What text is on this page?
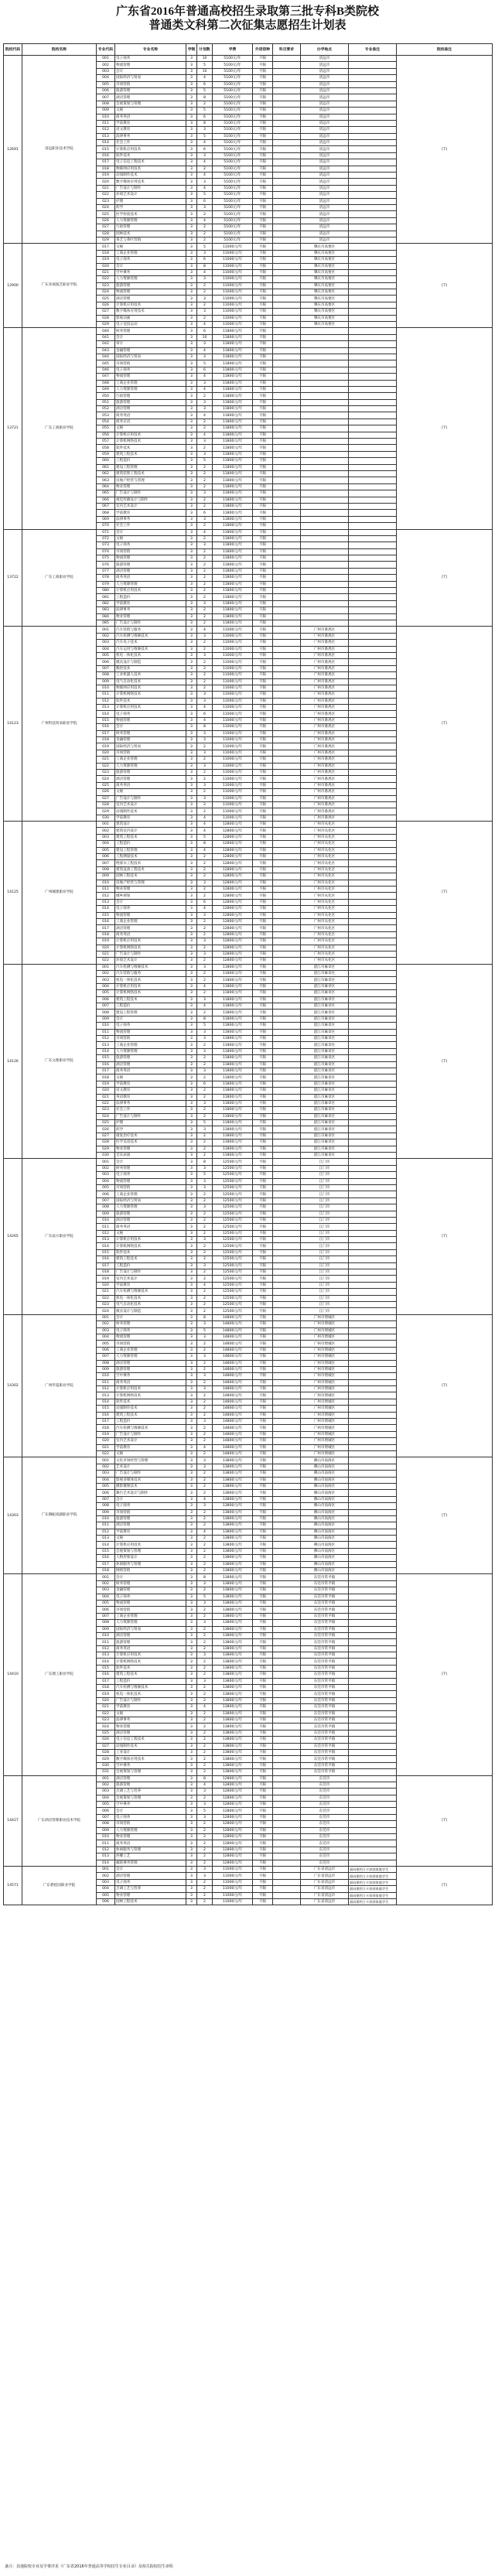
广东省2016年普通高校招生录取第三批专科B类院校
普通类文科第二次征集志愿招生计划表
院校代码	院校名称	专业代码	专业名称	学制	计划数	学费	外语语种	科目要求	办学地点	专业备注	院校备注
12691	清远职业技术学院	001	电子商务	3	10	5100元/年	不限		清远市		[7]
		002	物流管理	3	5	5100元/年	不限		清远市		
		003	会计	3	10	5100元/年	不限		清远市		
		004	国际经济与贸易	3	4	5100元/年	不限		清远市		
		005	市场营销	3	6	5100元/年	不限		清远市		
		006	旅游管理	3	5	5100元/年	不限		清远市		
		007	酒店管理	3	8	5100元/年	不限		清远市		
		008	会展策划与管理	3	2	5100元/年	不限		清远市		
		009	文秘	3	5	5100元/年	不限		清远市		
		010	商务英语	3	6	5100元/年	不限		清远市		
		011	学前教育	3	8	5100元/年	不限		清远市		
		012	语文教育	3	3	5100元/年	不限		清远市		
		013	法律事务	3	5	5100元/年	不限		清远市		
		014	社会工作	3	4	5100元/年	不限		清远市		
		015	计算机应用技术	3	6	5100元/年	不限		清远市		
		016	软件技术	3	3	5100元/年	不限		清远市		
		017	电子信息工程技术	3	4	5100元/年	不限		清远市		
		018	物联网应用技术	3	2	5100元/年	不限		清远市		
		019	动漫制作技术	3	4	5100元/年	不限		清远市		
		020	数字媒体应用技术	3	3	5100元/年	不限		清远市		
		021	广告设计与制作	3	4	5100元/年	不限		清远市		
		022	环境艺术设计	3	5	5100元/年	不限		清远市		
		023	护理	3	6	5100元/年	不限		清远市		
		024	药学	3	3	5100元/年	不限		清远市		
		025	医学检验技术	3	2	5100元/年	不限		清远市		
		026	人力资源管理	3	4	5100元/年	不限		清远市		
		027	行政管理	3	2	5100元/年	不限		清远市		
		028	园林技术	3	2	5100元/年	不限		清远市		
		029	茶艺与茶叶营销	3	2	5100元/年	不限		清远市		
12900	广东亚视演艺职业学院	017	文秘	3	5	11000元/年	不限		肇庆市高要区		[7]
		018	工商企业管理	3	3	11000元/年	不限		肇庆市高要区		
		019	电子商务	3	6	11000元/年	不限		肇庆市高要区		
		020	会计	3	8	11000元/年	不限		肇庆市高要区		
		021	空中乘务	3	4	11000元/年	不限		肇庆市高要区		
		022	人力资源管理	3	3	11000元/年	不限		肇庆市高要区		
		023	旅游管理	3	2	11000元/年	不限		肇庆市高要区		
		024	物流管理	3	2	11000元/年	不限		肇庆市高要区		
		025	酒店管理	3	3	11000元/年	不限		肇庆市高要区		
		026	计算机应用技术	3	2	11000元/年	不限		肇庆市高要区		
		027	数字媒体应用技术	3	3	11000元/年	不限		肇庆市高要区		
		028	影视动画	3	2	11000元/年	不限		肇庆市高要区		
		029	电子竞技运动	3	4	11000元/年	不限		肇庆市高要区		
13721	广东工商职业学院	040	财务管理	3	6	11800元/年	不限				[7]
		041	会计	3	10	11800元/年	不限				
		042	审计	3	3	11800元/年	不限				
		043	金融管理	3	4	11800元/年	不限				
		044	国际经济与贸易	3	3	11800元/年	不限				
		045	市场营销	3	5	11800元/年	不限				
		046	电子商务	3	6	11800元/年	不限				
		047	物流管理	3	4	11800元/年	不限				
		048	工商企业管理	3	3	11800元/年	不限				
		049	人力资源管理	3	4	11800元/年	不限				
		050	行政管理	3	2	11800元/年	不限				
		051	旅游管理	3	3	11800元/年	不限				
		052	酒店管理	3	3	11800元/年	不限				
		053	商务英语	3	4	11800元/年	不限				
		054	商务日语	3	2	11800元/年	不限				
		055	文秘	3	2	11800元/年	不限				
		056	计算机应用技术	3	4	11800元/年	不限				
		057	计算机网络技术	3	3	11800元/年	不限				
		058	软件技术	3	2	11800元/年	不限				
		059	建筑工程技术	3	3	11800元/年	不限				
		060	工程造价	3	5	11800元/年	不限				
		061	建设工程管理	3	2	11800元/年	不限				
		062	建筑装饰工程技术	3	2	11800元/年	不限				
		063	房地产经营与管理	3	2	11800元/年	不限				
		064	物业管理	3	2	11800元/年	不限				
		065	广告设计与制作	3	3	11800元/年	不限				
		066	视觉传播设计与制作	3	2	11800元/年	不限				
		067	室内艺术设计	3	2	11800元/年	不限				
		068	学前教育	3	6	11800元/年	不限				
		069	法律事务	3	3	11800元/年	不限				
		070	社会工作	3	2	11800元/年	不限				
13722	广东工商职业学院	071	会计	3	4	11800元/年	不限				[7]
		072	文秘	3	2	11800元/年	不限				
		073	电子商务	3	3	11800元/年	不限				
		074	市场营销	3	2	11800元/年	不限				
		075	物流管理	3	2	11800元/年	不限				
		076	旅游管理	3	2	11800元/年	不限				
		077	酒店管理	3	2	11800元/年	不限				
		078	商务英语	3	2	11800元/年	不限				
		079	人力资源管理	3	2	11800元/年	不限				
		080	计算机应用技术	3	2	11800元/年	不限				
		081	工程造价	3	2	11800元/年	不限				
		082	学前教育	3	3	11800元/年	不限				
		083	法律事务	3	2	11800元/年	不限				
		084	物业管理	3	2	11800元/年	不限				
		085	广告设计与制作	3	2	11800元/年	不限				
14123	广州科技贸易职业学院	001	汽车营销与服务	3	4	11000元/年	不限		广州市番禺区		[7]
		002	汽车检测与维修技术	3	3	11000元/年	不限		广州市番禺区		
		003	汽车电子技术	3	2	11000元/年	不限		广州市番禺区		
		004	汽车运用与维修技术	3	2	11000元/年	不限		广州市番禺区		
		005	机电一体化技术	3	3	11000元/年	不限		广州市番禺区		
		006	模具设计与制造	3	2	11000元/年	不限		广州市番禺区		
		007	数控技术	3	2	11000元/年	不限		广州市番禺区		
		008	工业机器人技术	3	2	11000元/年	不限		广州市番禺区		
		009	电气自动化技术	3	2	11000元/年	不限		广州市番禺区		
		010	物联网应用技术	3	2	11000元/年	不限		广州市番禺区		
		011	计算机网络技术	3	3	11000元/年	不限		广州市番禺区		
		012	软件技术	3	3	11000元/年	不限		广州市番禺区		
		013	计算机应用技术	3	4	11000元/年	不限		广州市番禺区		
		014	电子商务	3	6	11000元/年	不限		广州市番禺区		
		015	物流管理	3	4	11000元/年	不限		广州市番禺区		
		016	会计	3	8	11000元/年	不限		广州市番禺区		
		017	财务管理	3	3	11000元/年	不限		广州市番禺区		
		018	金融管理	3	3	11000元/年	不限		广州市番禺区		
		019	国际经济与贸易	3	2	11000元/年	不限		广州市番禺区		
		020	市场营销	3	3	11000元/年	不限		广州市番禺区		
		021	工商企业管理	3	2	11000元/年	不限		广州市番禺区		
		022	人力资源管理	3	3	11000元/年	不限		广州市番禺区		
		023	旅游管理	3	2	11000元/年	不限		广州市番禺区		
		024	酒店管理	3	2	11000元/年	不限		广州市番禺区		
		025	商务英语	3	3	11000元/年	不限		广州市番禺区		
		026	文秘	3	2	11000元/年	不限		广州市番禺区		
		027	广告设计与制作	3	3	11000元/年	不限		广州市番禺区		
		028	室内艺术设计	3	2	11000元/年	不限		广州市番禺区		
		029	动漫制作技术	3	2	11000元/年	不限		广州市番禺区		
		030	学前教育	3	4	11000元/年	不限		广州市番禺区		
14125	广州城建职业学院	001	建筑设计	3	4	12800元/年	不限		广州市从化区		[7]
		002	建筑室内设计	3	4	12800元/年	不限		广州市从化区		
		003	建筑工程技术	3	5	12800元/年	不限		广州市从化区		
		004	工程造价	3	8	12800元/年	不限		广州市从化区		
		005	建设工程管理	3	4	12800元/年	不限		广州市从化区		
		006	工程测量技术	3	2	12800元/年	不限		广州市从化区		
		007	给排水工程技术	3	2	12800元/年	不限		广州市从化区		
		008	建筑设备工程技术	3	2	12800元/年	不限		广州市从化区		
		009	园林工程技术	3	2	12800元/年	不限		广州市从化区		
		010	房地产经营与管理	3	3	12800元/年	不限		广州市从化区		
		011	物业管理	3	2	12800元/年	不限		广州市从化区		
		012	城乡规划	3	2	12800元/年	不限		广州市从化区		
		013	会计	3	6	12800元/年	不限		广州市从化区		
		014	电子商务	3	4	12800元/年	不限		广州市从化区		
		015	物流管理	3	3	12800元/年	不限		广州市从化区		
		016	工商企业管理	3	2	12800元/年	不限		广州市从化区		
		017	酒店管理	3	2	12800元/年	不限		广州市从化区		
		018	商务英语	3	2	12800元/年	不限		广州市从化区		
		019	计算机应用技术	3	3	12800元/年	不限		广州市从化区		
		020	计算机网络技术	3	2	12800元/年	不限		广州市从化区		
		021	广告设计与制作	3	3	12800元/年	不限		广州市从化区		
		022	环境艺术设计	3	2	12800元/年	不限		广州市从化区		
14126	广东文理职业学院	001	汽车检测与维修技术	3	3	11800元/年	不限		湛江市麻章区		[7]
		002	汽车营销与服务	3	2	11800元/年	不限		湛江市麻章区		
		003	机电一体化技术	3	2	11800元/年	不限		湛江市麻章区		
		004	计算机应用技术	3	4	11800元/年	不限		湛江市麻章区		
		005	计算机网络技术	3	2	11800元/年	不限		湛江市麻章区		
		006	建筑工程技术	3	3	11800元/年	不限		湛江市麻章区		
		007	工程造价	3	4	11800元/年	不限		湛江市麻章区		
		008	建设工程管理	3	2	11800元/年	不限		湛江市麻章区		
		009	会计	3	8	11800元/年	不限		湛江市麻章区		
		010	电子商务	3	5	11800元/年	不限		湛江市麻章区		
		011	物流管理	3	3	11800元/年	不限		湛江市麻章区		
		012	市场营销	3	3	11800元/年	不限		湛江市麻章区		
		013	工商企业管理	3	2	11800元/年	不限		湛江市麻章区		
		014	人力资源管理	3	3	11800元/年	不限		湛江市麻章区		
		015	旅游管理	3	2	11800元/年	不限		湛江市麻章区		
		016	酒店管理	3	2	11800元/年	不限		湛江市麻章区		
		017	商务英语	3	3	11800元/年	不限		湛江市麻章区		
		018	文秘	3	2	11800元/年	不限		湛江市麻章区		
		019	学前教育	3	6	11800元/年	不限		湛江市麻章区		
		020	语文教育	3	2	11800元/年	不限		湛江市麻章区		
		021	英语教育	3	2	11800元/年	不限		湛江市麻章区		
		022	法律事务	3	3	11800元/年	不限		湛江市麻章区		
		023	社会工作	3	2	11800元/年	不限		湛江市麻章区		
		024	广告设计与制作	3	2	11800元/年	不限		湛江市麻章区		
		025	护理	3	5	11800元/年	不限		湛江市麻章区		
		026	药学	3	3	11800元/年	不限		湛江市麻章区		
		027	康复治疗技术	3	2	11800元/年	不限		湛江市麻章区		
		028	医学美容技术	3	2	11800元/年	不限		湛江市麻章区		
		029	物业管理	3	2	11800元/年	不限		湛江市麻章区		
		030	音乐表演	3	2	11800元/年	不限		湛江市麻章区		
14265	广东南方职业学院	001	会计	3	8	12500元/年	不限		江门市		[7]
		002	财务管理	3	3	12500元/年	不限		江门市		
		003	电子商务	3	5	12500元/年	不限		江门市		
		004	物流管理	3	3	12500元/年	不限		江门市		
		005	市场营销	3	3	12500元/年	不限		江门市		
		006	工商企业管理	3	2	12500元/年	不限		江门市		
		007	国际经济与贸易	3	2	12500元/年	不限		江门市		
		008	人力资源管理	3	3	12500元/年	不限		江门市		
		009	旅游管理	3	2	12500元/年	不限		江门市		
		010	酒店管理	3	2	12500元/年	不限		江门市		
		011	商务英语	3	2	12500元/年	不限		江门市		
		012	文秘	3	2	12500元/年	不限		江门市		
		013	计算机应用技术	3	3	12500元/年	不限		江门市		
		014	计算机网络技术	3	2	12500元/年	不限		江门市		
		015	软件技术	3	2	12500元/年	不限		江门市		
		016	建筑工程技术	3	2	12500元/年	不限		江门市		
		017	工程造价	3	3	12500元/年	不限		江门市		
		018	广告设计与制作	3	2	12500元/年	不限		江门市		
		019	室内艺术设计	3	2	12500元/年	不限		江门市		
		020	学前教育	3	4	12500元/年	不限		江门市		
		021	汽车检测与维修技术	3	2	12500元/年	不限		江门市		
		022	机电一体化技术	3	2	12500元/年	不限		江门市		
		023	电气自动化技术	3	2	12500元/年	不限		江门市		
		024	模具设计与制造	3	2	12500元/年	不限		江门市		
14302	广州华夏职业学院	001	会计	3	8	14800元/年	不限		广州市增城区		[7]
		002	财务管理	3	3	14800元/年	不限		广州市增城区		
		003	电子商务	3	5	14800元/年	不限		广州市增城区		
		004	物流管理	3	3	14800元/年	不限		广州市增城区		
		005	市场营销	3	2	14800元/年	不限		广州市增城区		
		006	工商企业管理	3	2	14800元/年	不限		广州市增城区		
		007	人力资源管理	3	3	14800元/年	不限		广州市增城区		
		008	酒店管理	3	2	14800元/年	不限		广州市增城区		
		009	旅游管理	3	2	14800元/年	不限		广州市增城区		
		010	空中乘务	3	3	14800元/年	不限		广州市增城区		
		011	商务英语	3	2	14800元/年	不限		广州市增城区		
		012	计算机应用技术	3	3	14800元/年	不限		广州市增城区		
		013	计算机网络技术	3	2	14800元/年	不限		广州市增城区		
		014	软件技术	3	2	14800元/年	不限		广州市增城区		
		015	动漫制作技术	3	2	14800元/年	不限		广州市增城区		
		016	建筑工程技术	3	2	14800元/年	不限		广州市增城区		
		017	工程造价	3	3	14800元/年	不限		广州市增城区		
		018	汽车检测与维修技术	3	2	14800元/年	不限		广州市增城区		
		019	广告设计与制作	3	2	14800元/年	不限		广州市增城区		
		020	室内艺术设计	3	2	14800元/年	不限		广州市增城区		
		021	学前教育	3	4	14800元/年	不限		广州市增城区		
		022	文秘	3	2	14800元/年	不限		广州市增城区		
14303	广东舞蹈戏剧职业学院	001	文化市场经营与管理	3	3	13800元/年	不限		佛山市南海区		[7]
		002	艺术设计	3	3	13800元/年	不限		佛山市南海区		
		003	广告设计与制作	3	2	13800元/年	不限		佛山市南海区		
		004	影视多媒体技术	3	2	13800元/年	不限		佛山市南海区		
		005	摄影摄像技术	3	2	13800元/年	不限		佛山市南海区		
		006	舞台艺术设计与制作	3	2	13800元/年	不限		佛山市南海区		
		007	会计	3	4	13800元/年	不限		佛山市南海区		
		008	电子商务	3	3	13800元/年	不限		佛山市南海区		
		009	市场营销	3	2	13800元/年	不限		佛山市南海区		
		010	旅游管理	3	2	13800元/年	不限		佛山市南海区		
		011	酒店管理	3	2	13800元/年	不限		佛山市南海区		
		012	学前教育	3	4	13800元/年	不限		佛山市南海区		
		013	文秘	3	2	13800元/年	不限		佛山市南海区		
		014	计算机应用技术	3	2	13800元/年	不限		佛山市南海区		
		015	会展策划与管理	3	2	13800元/年	不限		佛山市南海区		
		016	人物形象设计	3	2	13800元/年	不限		佛山市南海区		
		017	休闲服务与管理	3	2	13800元/年	不限		佛山市南海区		
		018	网络营销	3	2	13800元/年	不限		佛山市南海区		
14410	广东理工职业学院	001	会计	3	8	13800元/年	不限		东莞市常平镇		[7]
		002	财务管理	3	3	13800元/年	不限		东莞市常平镇		
		003	金融管理	3	2	13800元/年	不限		东莞市常平镇		
		004	电子商务	3	5	13800元/年	不限		东莞市常平镇		
		005	物流管理	3	3	13800元/年	不限		东莞市常平镇		
		006	市场营销	3	2	13800元/年	不限		东莞市常平镇		
		007	工商企业管理	3	2	13800元/年	不限		东莞市常平镇		
		008	人力资源管理	3	3	13800元/年	不限		东莞市常平镇		
		009	国际经济与贸易	3	2	13800元/年	不限		东莞市常平镇		
		010	酒店管理	3	2	13800元/年	不限		东莞市常平镇		
		011	旅游管理	3	2	13800元/年	不限		东莞市常平镇		
		012	商务英语	3	2	13800元/年	不限		东莞市常平镇		
		013	计算机应用技术	3	3	13800元/年	不限		东莞市常平镇		
		014	计算机网络技术	3	2	13800元/年	不限		东莞市常平镇		
		015	软件技术	3	2	13800元/年	不限		东莞市常平镇		
		016	建筑工程技术	3	2	13800元/年	不限		东莞市常平镇		
		017	工程造价	3	3	13800元/年	不限		东莞市常平镇		
		018	汽车检测与维修技术	3	2	13800元/年	不限		东莞市常平镇		
		019	机电一体化技术	3	2	13800元/年	不限		东莞市常平镇		
		020	广告设计与制作	3	2	13800元/年	不限		东莞市常平镇		
		021	学前教育	3	4	13800元/年	不限		东莞市常平镇		
		022	文秘	3	2	13800元/年	不限		东莞市常平镇		
		023	法律事务	3	2	13800元/年	不限		东莞市常平镇		
		024	物业管理	3	2	13800元/年	不限		东莞市常平镇		
		025	酒店管理	3	2	13800元/年	不限		东莞市常平镇		
		026	电子信息工程技术	3	2	13800元/年	不限		东莞市常平镇		
		027	动漫制作技术	3	2	13800元/年	不限		东莞市常平镇		
		028	工业设计	3	2	13800元/年	不限		东莞市常平镇		
		029	数字媒体应用技术	3	2	13800元/年	不限		东莞市常平镇		
		030	空中乘务	3	2	13800元/年	不限		东莞市常平镇		
		031	会展策划与管理	3	2	13800元/年	不限		东莞市常平镇		
14427	广东酒店管理职业技术学院	001	酒店管理	3	8	12800元/年	不限		东莞市		[7]
		002	旅游管理	3	4	12800元/年	不限		东莞市		
		003	烹调工艺与营养	3	3	12800元/年	不限		东莞市		
		004	会展策划与管理	3	2	12800元/年	不限		东莞市		
		005	空中乘务	3	3	12800元/年	不限		东莞市		
		006	会计	3	5	12800元/年	不限		东莞市		
		007	电子商务	3	3	12800元/年	不限		东莞市		
		008	市场营销	3	2	12800元/年	不限		东莞市		
		009	人力资源管理	3	2	12800元/年	不限		东莞市		
		010	物业管理	3	2	12800元/年	不限		东莞市		
		011	商务英语	3	2	12800元/年	不限		东莞市		
		012	休闲服务与管理	3	2	12800元/年	不限		东莞市		
		013	西餐工艺	3	2	12800元/年	不限		东莞市		
		014	邮轮乘务管理	3	2	12800元/年	不限		东莞市		
14571	广东碧桂园职业学院	001	会计	3	3	11000元/年	不限		广东省清远市	面向建档立卡贫困家庭学生	[7]
		002	酒店管理	3	3	11000元/年	不限		广东省清远市	面向建档立卡贫困家庭学生	
		003	电子商务	3	2	11000元/年	不限		广东省清远市	面向建档立卡贫困家庭学生	
		004	烹调工艺与营养	3	2	11000元/年	不限		广东省清远市	面向建档立卡贫困家庭学生	
		005	物业管理	3	2	11000元/年	不限		广东省清远市	面向建档立卡贫困家庭学生	
		006	园林工程技术	3	2	11000元/年	不限		广东省清远市	面向建档立卡贫困家庭学生	
备注：其他院校专业及学费详见《广东省2016年普通高等学校招生专业目录》及相关院校招生章程
